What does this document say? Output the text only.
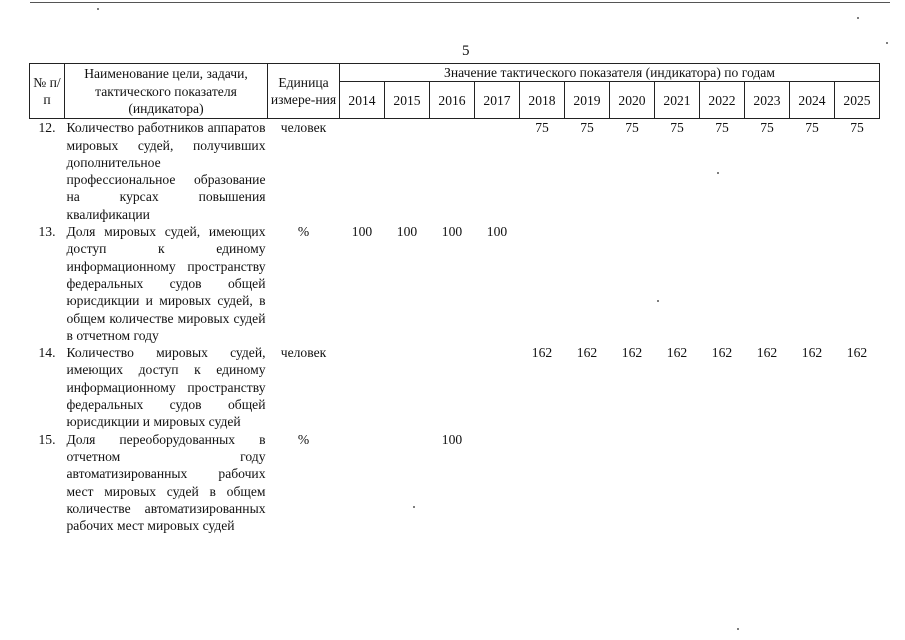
5
№ п/п	Наименование цели, задачи, тактического показателя (индикатора)	Единица измере-ния	Значение тактического показателя (индикатора) по годам											
			2014	2015	2016	2017	2018	2019	2020	2021	2022	2023	2024	2025
12.	Количество работников аппаратов мировых судей, получивших дополнительное профессиональное образование на курсах повышения квалификации	человек					75	75	75	75	75	75	75	75
13.	Доля мировых судей, имеющих доступ к единому информационному пространству федеральных судов общей юрисдикции и мировых судей, в общем количестве мировых судей в отчетном году	%	100	100	100	100								
14.	Количество мировых судей, имеющих доступ к единому информационному пространству федеральных судов общей юрисдикции и мировых судей	человек					162	162	162	162	162	162	162	162
15.	Доля переоборудованных в отчетном году автоматизированных рабочих мест мировых судей в общем количестве автоматизированных рабочих мест мировых судей	%			100									
